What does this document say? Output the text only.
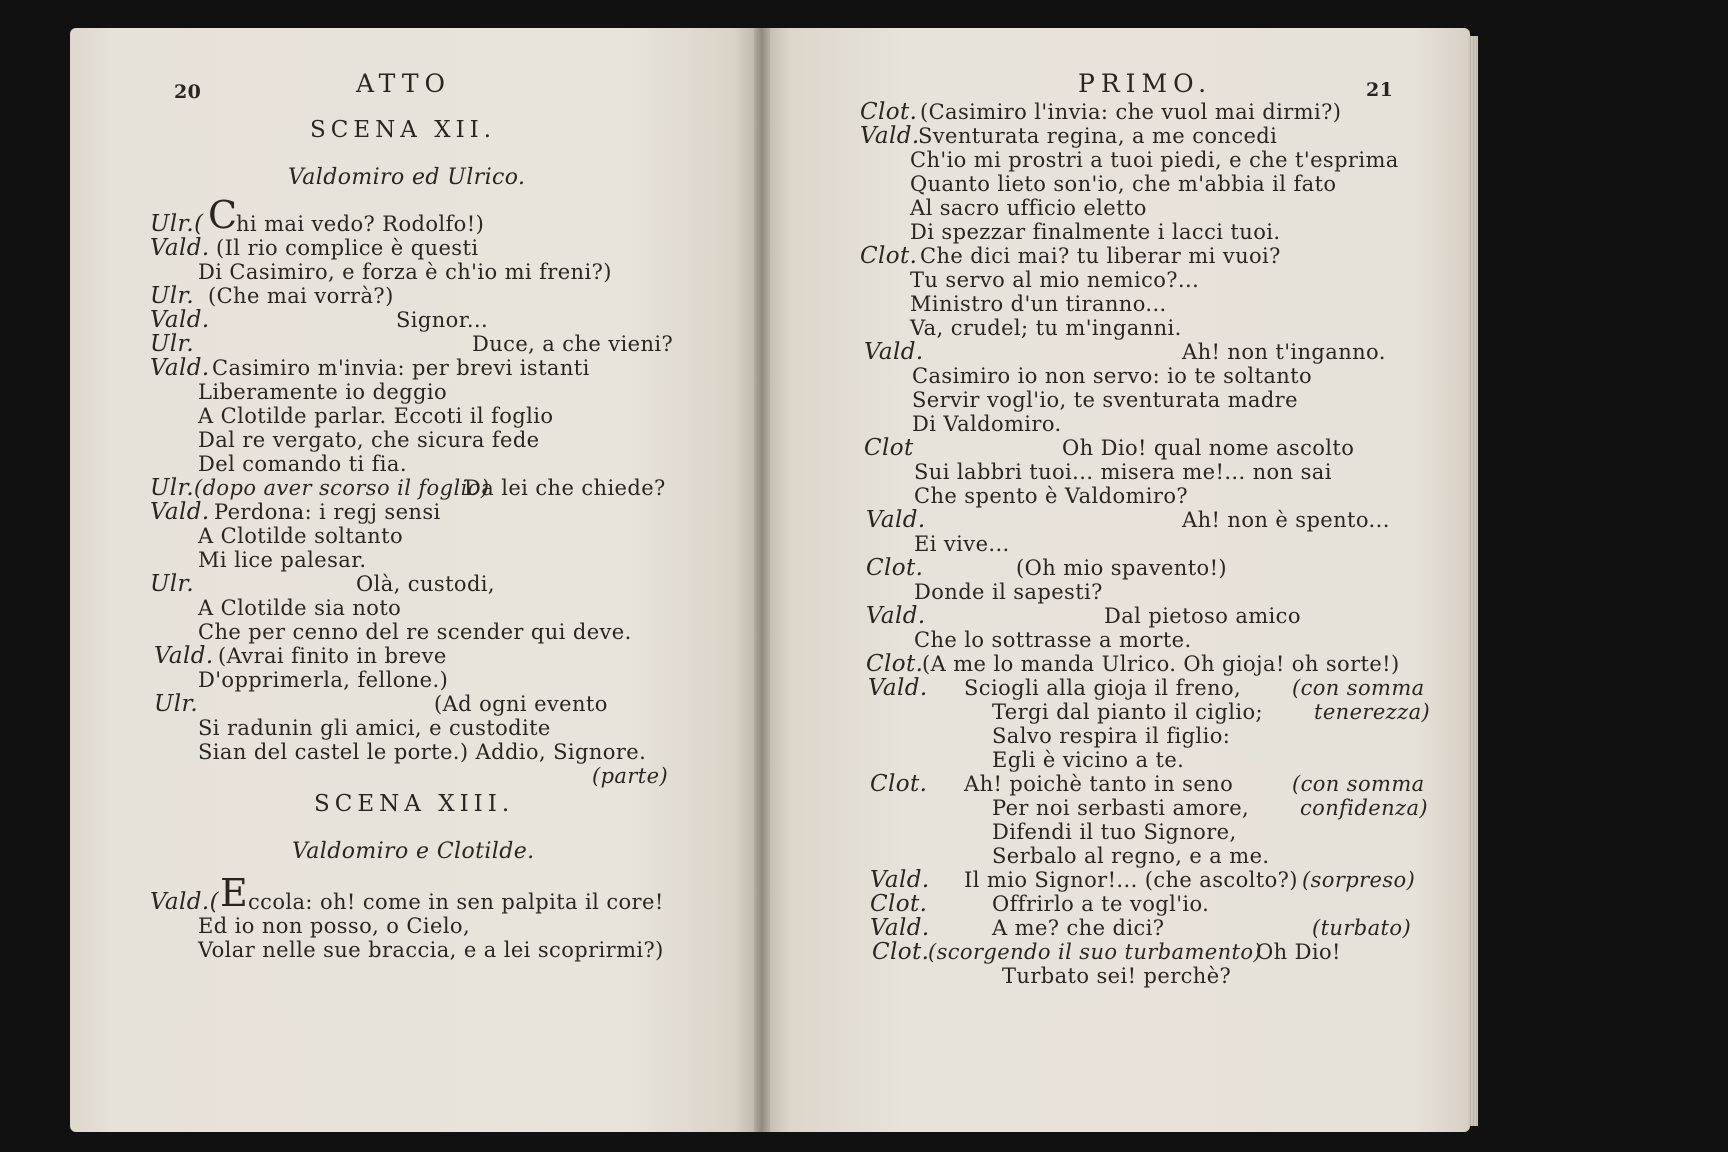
20	ATTO
SCENA XII.
Valdomiro ed Ulrico.
Ulr.( C
hi mai vedo? Rodolfo!)
Vald. (Il rio complice è questi
Di Casimiro, e forza è ch'io mi freni?)
Ulr. (Che mai vorrà?)
Vald.	Signor...
Ulr.	Duce, a che vieni?
Vald. Casimiro m'invia: per brevi istanti
Liberamente io deggio
A Clotilde parlar. Eccoti il foglio
Dal re vergato, che sicura fede
Del comando ti fia.
Ulr. (dopo aver scorso il foglio)
Da lei che chiede?
Vald. Perdona: i regj sensi
A Clotilde soltanto
Mi lice palesar.
Ulr.	Olà, custodi,
A Clotilde sia noto
Che per cenno del re scender qui deve.
Vald. (Avrai finito in breve
D'opprimerla, fellone.)
Ulr.	(Ad ogni evento
Si radunin gli amici, e custodite
Sian del castel le porte.) Addio, Signore.
(parte)
SCENA XIII.
Valdomiro e Clotilde.
Vald.( E ccola: oh! come in sen palpita il core!
Ed io non posso, o Cielo,
Volar nelle sue braccia, e a lei scoprirmi?)
PRIMO.	21
Clot. (Casimiro l'invia: che vuol mai dirmi?)
Vald.
Sventurata regina, a me concedi
Ch'io mi prostri a tuoi piedi, e che t'esprima
Quanto lieto son'io, che m'abbia il fato
Al sacro ufficio eletto
Di spezzar finalmente i lacci tuoi.
Clot. Che dici mai? tu liberar mi vuoi?
Tu servo al mio nemico?...
Ministro d'un tiranno...
Va, crudel; tu m'inganni.
Vald.	Ah! non t'inganno.
Casimiro io non servo: io te soltanto
Servir vogl'io, te sventurata madre
Di Valdomiro.
Clot	Oh Dio! qual nome ascolto
Sui labbri tuoi... misera me!... non sai
Che spento è Valdomiro?
Vald.	Ah! non è spento...
Ei vive...
Clot.	(Oh mio spavento!)
Donde il sapesti?
Vald.	Dal pietoso amico
Che lo sottrasse a morte.
Clot.
(A me lo manda Ulrico. Oh gioja! oh sorte!)
Vald. Sciogli alla gioja il freno, (con somma
Tergi dal pianto il ciglio; tenerezza)
Salvo respira il figlio:
Egli è vicino a te.
Clot. Ah! poichè tanto in seno	(con somma
Per noi serbasti amore, confidenza)
Difendi il tuo Signore,
Serbalo al regno, e a me.
Vald. Il mio Signor!... (che ascolto?) (sorpreso)
Clot.	Offrirlo a te vogl'io.
Vald.	A me? che dici?	(turbato)
Clot.
(scorgendo il suo turbamento)
Oh Dio!
Turbato sei! perchè?
